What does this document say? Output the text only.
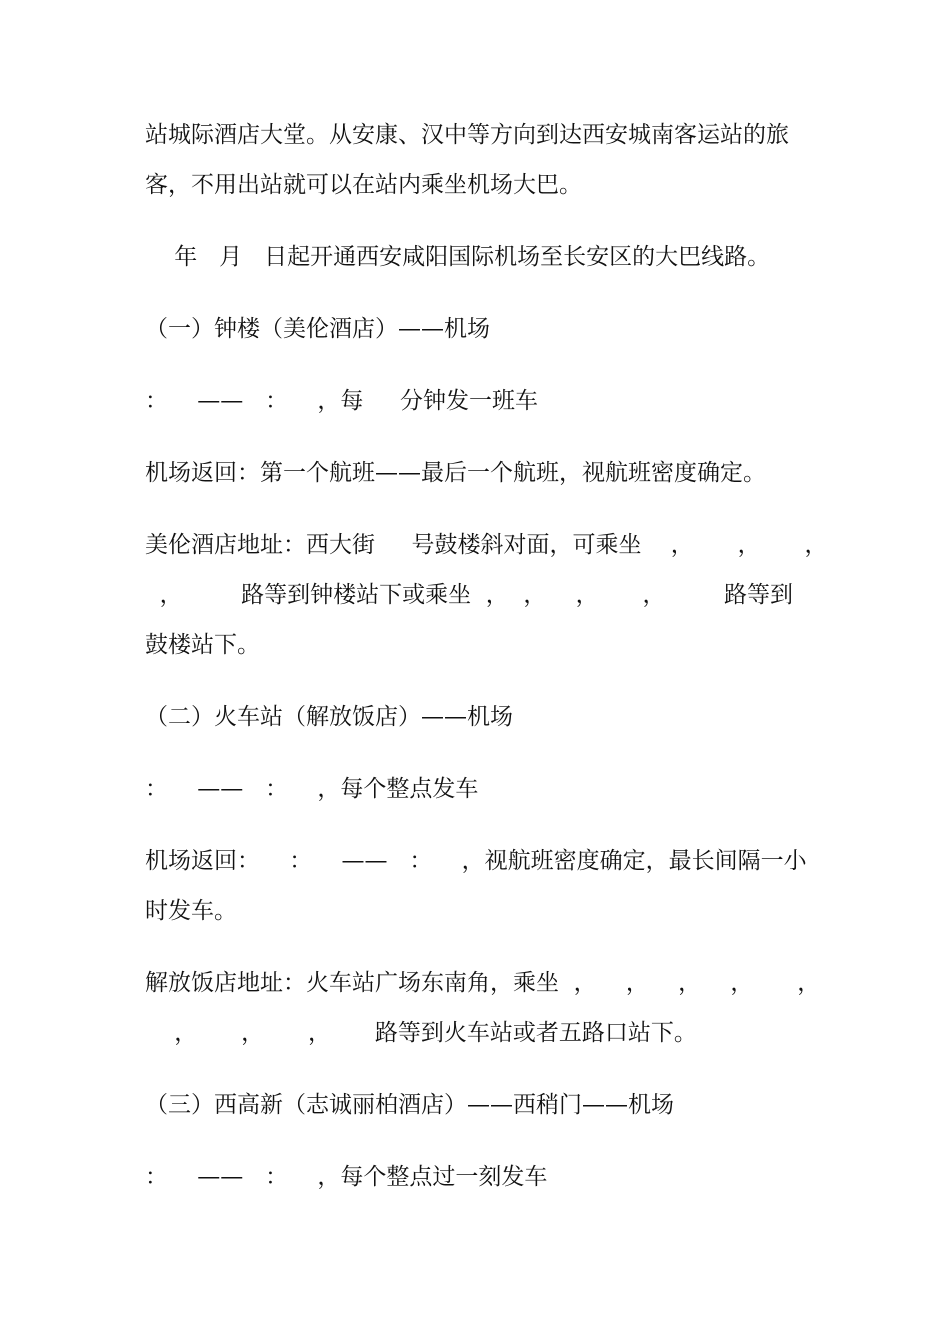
站城际酒店大堂。从安康、汉中等方向到达西安城南客运站的旅
客，不用出站就可以在站内乘坐机场大巴。
年   月   日起开通西安咸阳国际机场至长安区的大巴线路。
（一）钟楼（美伦酒店）——机场
：    ——   ：    ，每     分钟发一班车
机场返回：第一个航班——最后一个航班，视航班密度确定。
美伦酒店地址：西大街     号鼓楼斜对面，可乘坐    ，      ，      ，
，        路等到钟楼站下或乘坐  ，  ，    ，      ，        路等到
鼓楼站下。
（二）火车站（解放饭店）——机场
：    ——   ：    ，每个整点发车
机场返回：    ：    ——   ：    ，视航班密度确定，最长间隔一小
时发车。
解放饭店地址：火车站广场东南角，乘坐  ，    ，    ，    ，      ，
，      ，      ，      路等到火车站或者五路口站下。
（三）西高新（志诚丽柏酒店）——西稍门——机场
：    ——   ：    ，每个整点过一刻发车
